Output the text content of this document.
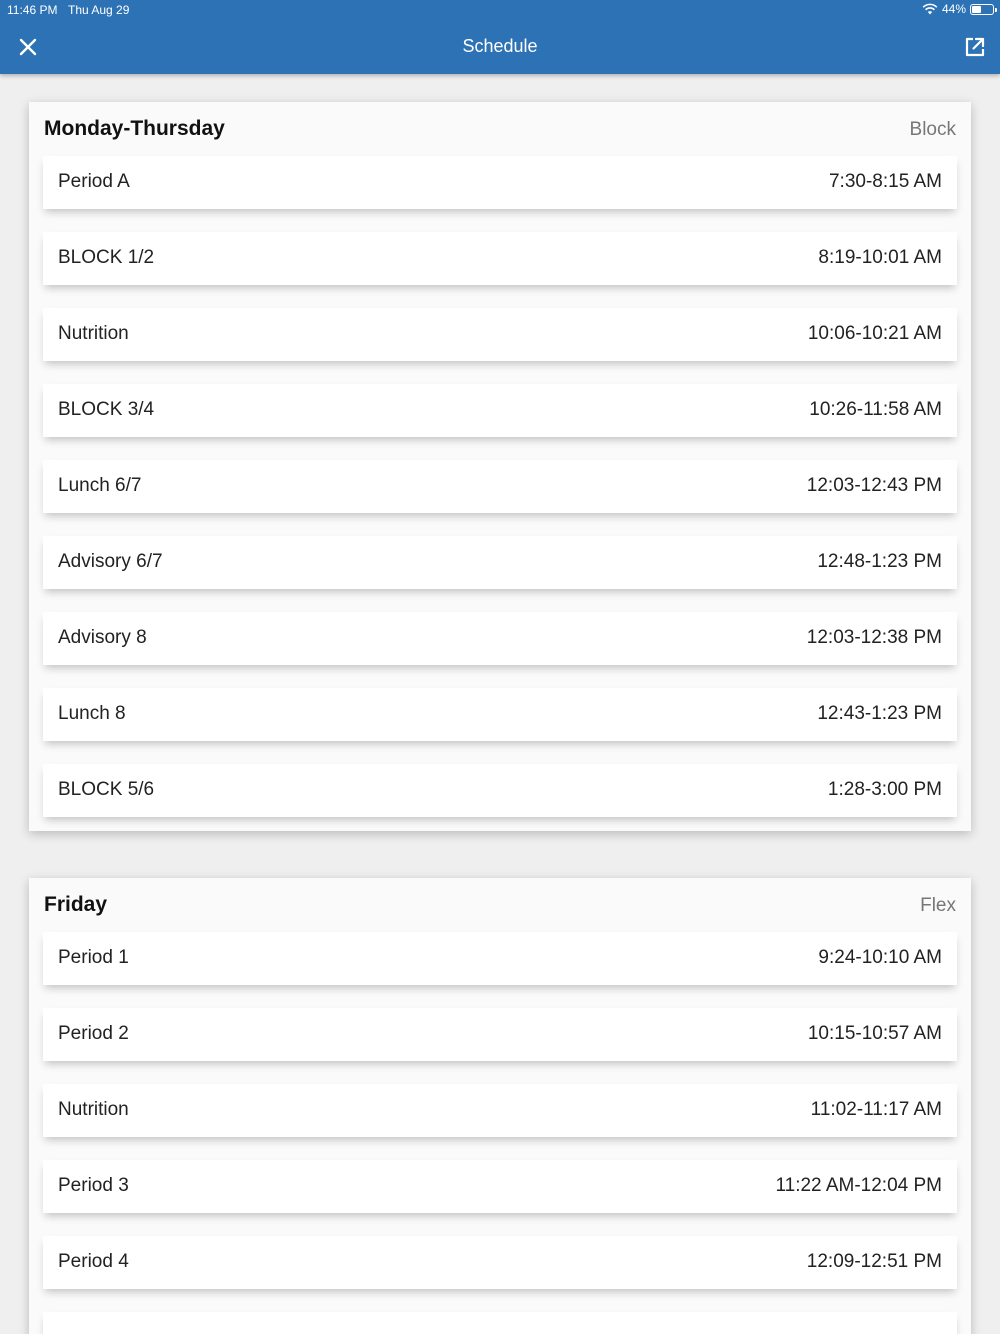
11:46 PM Thu Aug 29	44%
Schedule
Monday-Thursday	Block
Period A	7:30-8:15 AM
BLOCK 1/2	8:19-10:01 AM
Nutrition	10:06-10:21 AM
BLOCK 3/4	10:26-11:58 AM
Lunch 6/7	12:03-12:43 PM
Advisory 6/7	12:48-1:23 PM
Advisory 8	12:03-12:38 PM
Lunch 8	12:43-1:23 PM
BLOCK 5/6	1:28-3:00 PM
Friday	Flex
Period 1	9:24-10:10 AM
Period 2	10:15-10:57 AM
Nutrition	11:02-11:17 AM
Period 3	11:22 AM-12:04 PM
Period 4	12:09-12:51 PM
